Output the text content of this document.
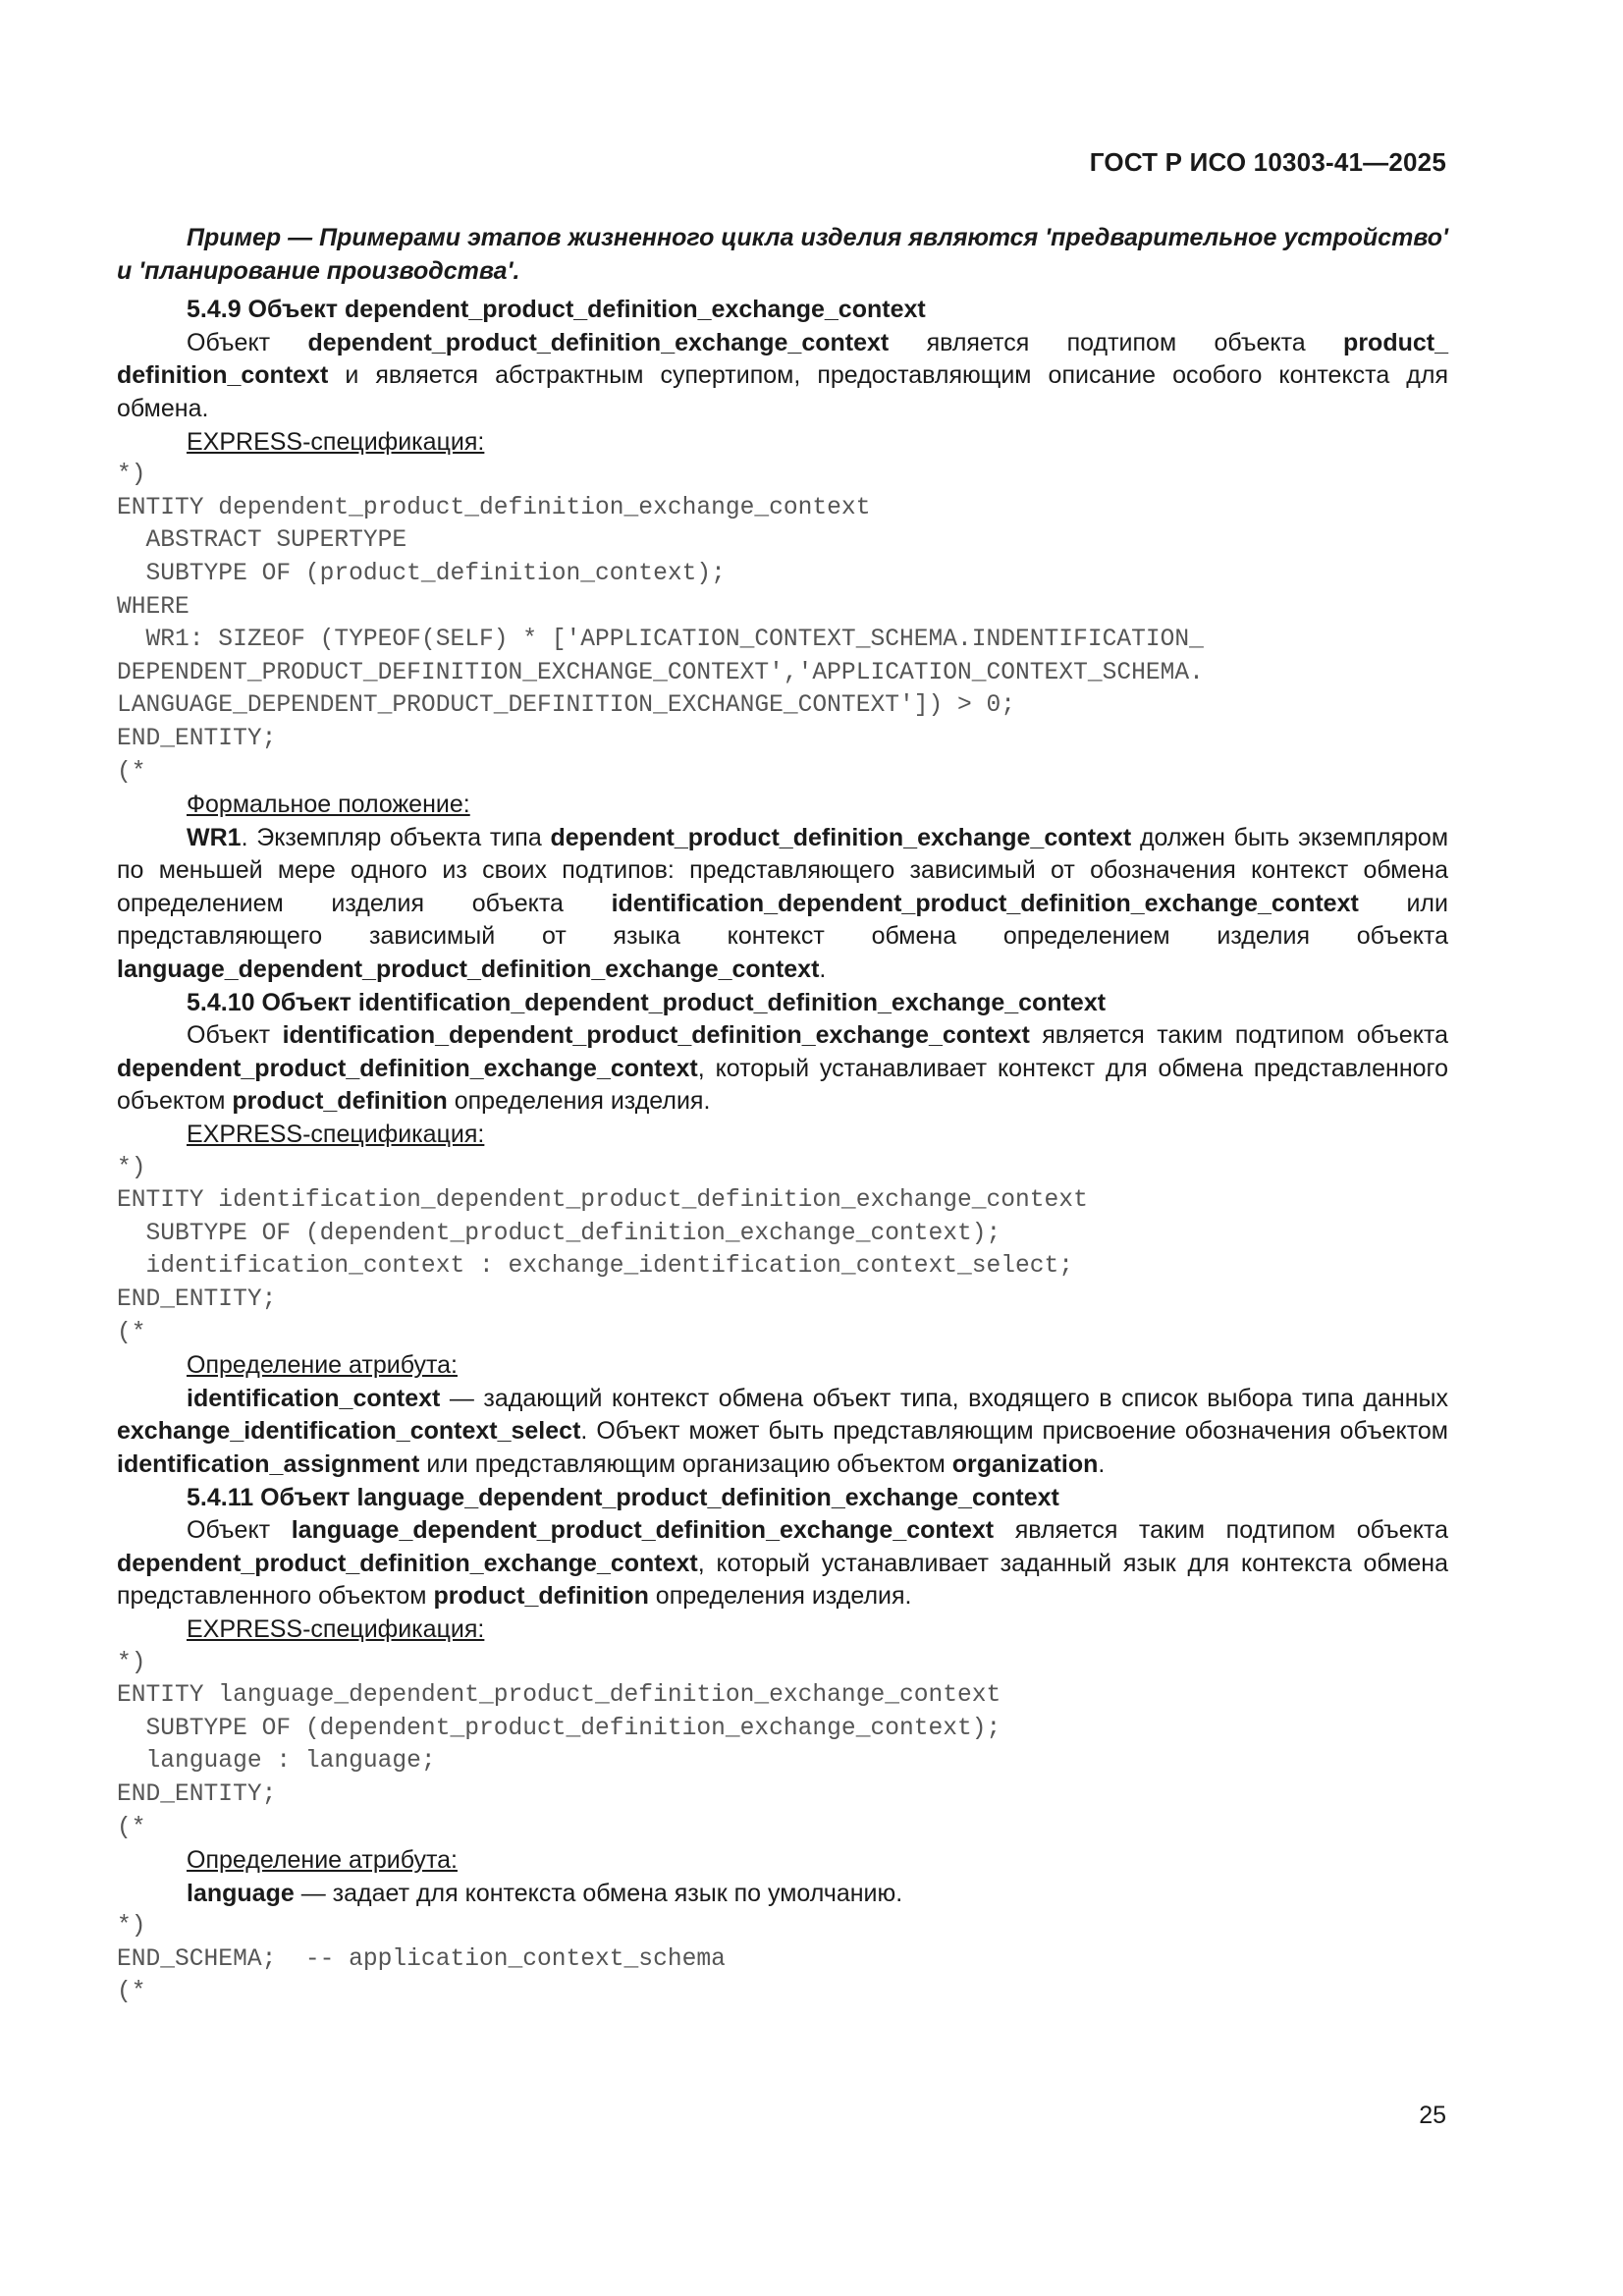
ГОСТ Р ИСО 10303-41—2025

Пример — Примерами этапов жизненного цикла изделия являются 'предварительное устройство' и 'планирование производства'.

5.4.9 Объект dependent_product_definition_exchange_context

Объект dependent_product_definition_exchange_context является подтипом объекта product_​definition_context и является абстрактным супертипом, предоставляющим описание особого контекста для обмена.

EXPRESS-спецификация:
*)
ENTITY dependent_product_definition_exchange_context
ABSTRACT SUPERTYPE
SUBTYPE OF (product_definition_context);
WHERE
WR1: SIZEOF (TYPEOF(SELF) * ['APPLICATION_CONTEXT_SCHEMA.INDENTIFICATION_
DEPENDENT_PRODUCT_DEFINITION_EXCHANGE_CONTEXT','APPLICATION_CONTEXT_SCHEMA.
LANGUAGE_DEPENDENT_PRODUCT_DEFINITION_EXCHANGE_CONTEXT']) > 0;
END_ENTITY;
(*
Формальное положение:

WR1. Экземпляр объекта типа dependent_product_definition_exchange_context должен быть экземпляром по меньшей мере одного из своих подтипов: представляющего зависимый от обозначения контекст обмена определением изделия объекта identification_dependent_product_definition_​exchange_context или представляющего зависимый от языка контекст обмена определением изделия объекта language_dependent_product_definition_exchange_context.

5.4.10 Объект identification_dependent_product_definition_exchange_context

Объект identification_dependent_product_definition_exchange_context является таким подтипом объекта dependent_product_definition_exchange_context, который устанавливает контекст для обмена представленного объектом product_definition определения изделия.

EXPRESS-спецификация:
*)
ENTITY identification_dependent_product_definition_exchange_context
SUBTYPE OF (dependent_product_definition_exchange_context);
identification_context : exchange_identification_context_select;
END_ENTITY;
(*
Определение атрибута:

identification_context — задающий контекст обмена объект типа, входящего в список выбора типа данных exchange_identification_context_select. Объект может быть представляющим присвоение обозначения объектом identification_assignment или представляющим организацию объектом organization.

5.4.11 Объект language_dependent_product_definition_exchange_context

Объект language_dependent_product_definition_exchange_context является таким подтипом объекта dependent_product_definition_exchange_context, который устанавливает заданный язык для контекста обмена представленного объектом product_definition определения изделия.

EXPRESS-спецификация:
*)
ENTITY language_dependent_product_definition_exchange_context
SUBTYPE OF (dependent_product_definition_exchange_context);
language : language;
END_ENTITY;
(*
Определение атрибута:

language — задает для контекста обмена язык по умолчанию.

*)
END_SCHEMA;  -- application_context_schema
(*
25
